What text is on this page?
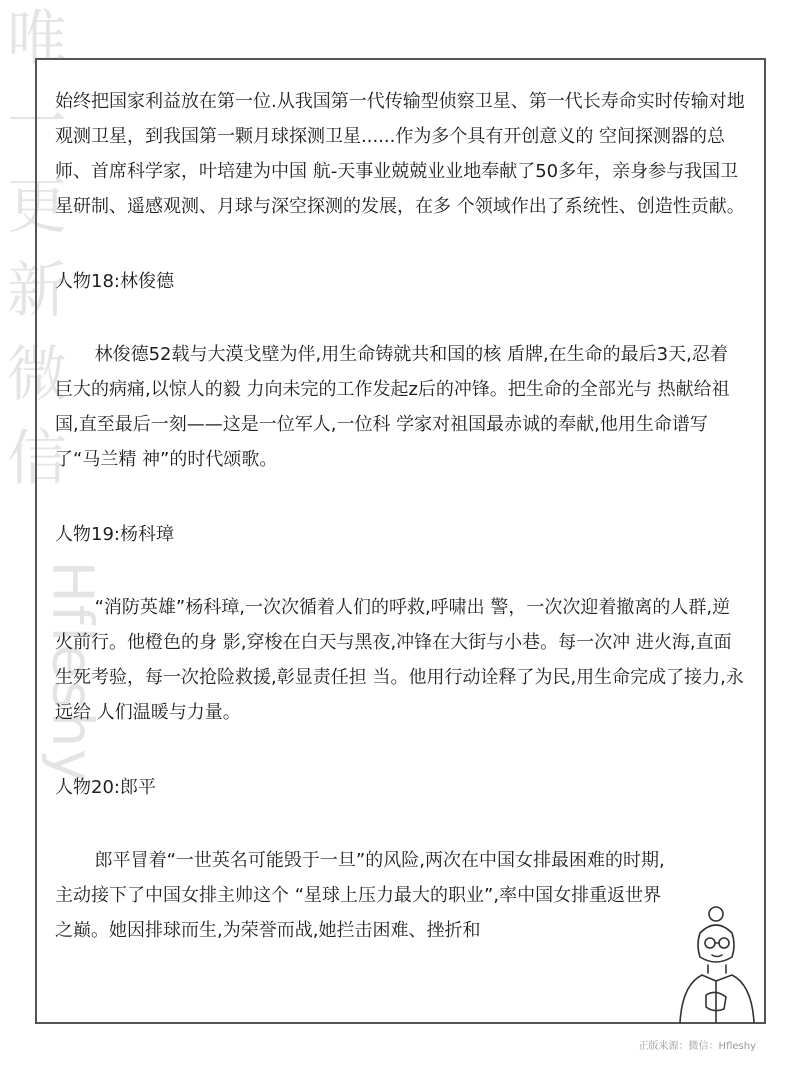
唯
一
更
新
微
信
Hfleshy

始终把国家利益放在第一位.从我国第一代传输型侦察卫星、第一代长寿命实时传输对地观测卫星，到我国第一颗月球探测卫星......作为多个具有开创意义的 空间探测器的总师、首席科学家，叶培建为中国 航-天事业兢兢业业地奉献了50多年，亲身参与我国卫星研制、遥感观测、月球与深空探测的发展，在多 个领域作出了系统性、创造性贡献。

人物18:林俊德

林俊德52载与大漠戈壁为伴,用生命铸就共和国的核 盾牌,在生命的最后3天,忍着巨大的病痛,以惊人的毅 力向未完的工作发起z后的冲锋。把生命的全部光与 热献给祖国,直至最后一刻——这是一位军人,一位科 学家对祖国最赤诚的奉献,他用生命谱写了“马兰精 神”的时代颂歌。

人物19:杨科璋

“消防英雄”杨科璋,一次次循着人们的呼救,呼啸出 警，一次次迎着撤离的人群,逆火前行。他橙色的身 影,穿梭在白天与黑夜,冲锋在大街与小巷。每一次冲 进火海,直面生死考验，每一次抢险救援,彰显责任担 当。他用行动诠释了为民,用生命完成了接力,永远给 人们温暖与力量。

人物20:郎平

郎平冒着“一世英名可能毁于一旦”的风险,两次在中国女排最困难的时期,主动接下了中国女排主帅这个 “星球上压力最大的职业”,率中国女排重返世界之巅。她因排球而生,为荣誉而战,她拦击困难、挫折和

正版来源：微信：Hfleshy
